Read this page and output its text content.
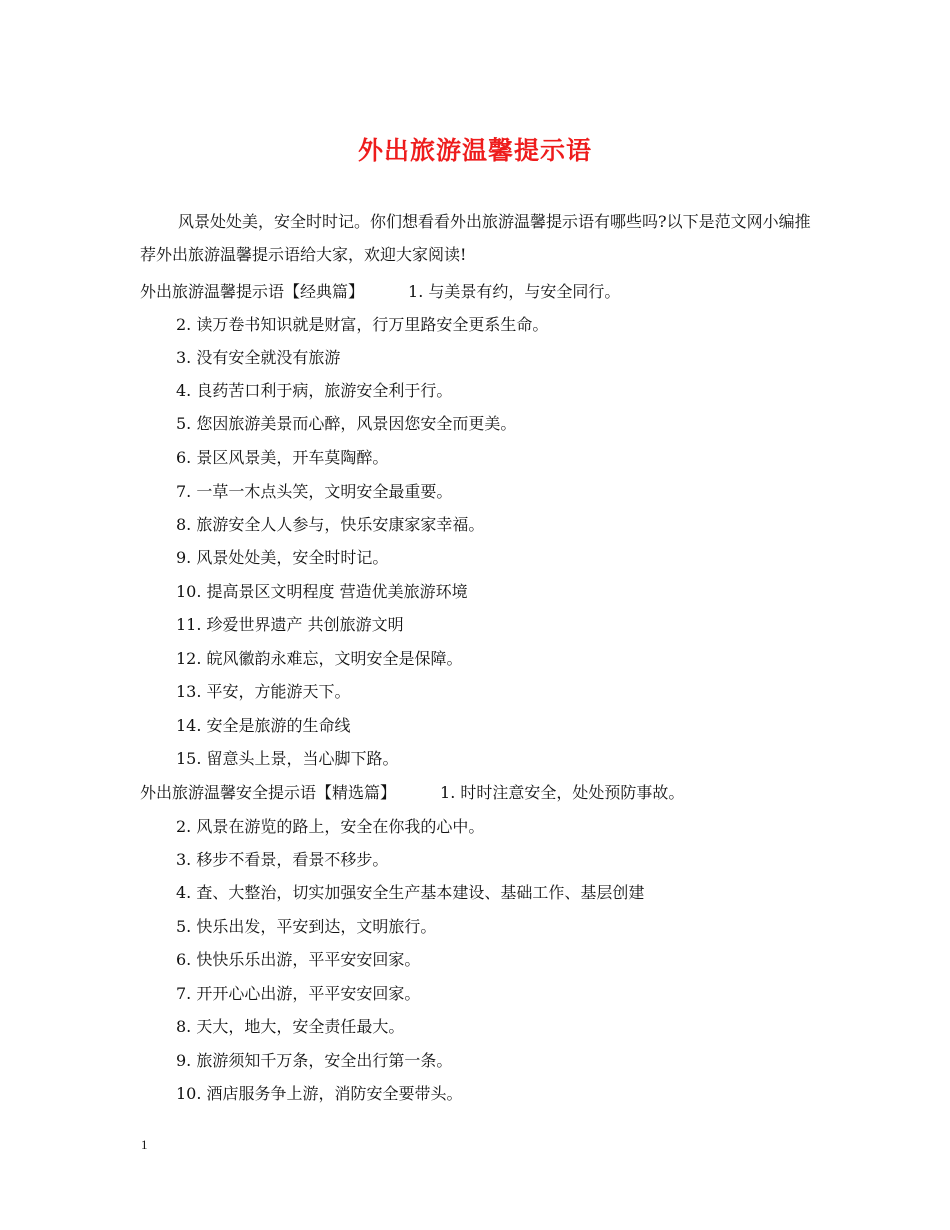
外出旅游温馨提示语
风景处处美，安全时时记。你们想看看外出旅游温馨提示语有哪些吗?以下是范文网小编推荐外出旅游温馨提示语给大家，欢迎大家阅读!
外出旅游温馨提示语【经典篇】	1. 与美景有约，与安全同行。
2. 读万卷书知识就是财富，行万里路安全更系生命。
3. 没有安全就没有旅游
4. 良药苦口利于病，旅游安全利于行。
5. 您因旅游美景而心醉，风景因您安全而更美。
6. 景区风景美，开车莫陶醉。
7. 一草一木点头笑，文明安全最重要。
8. 旅游安全人人参与，快乐安康家家幸福。
9. 风景处处美，安全时时记。
10. 提高景区文明程度 营造优美旅游环境
11. 珍爱世界遗产 共创旅游文明
12. 皖风徽韵永难忘，文明安全是保障。
13. 平安，方能游天下。
14. 安全是旅游的生命线
15. 留意头上景，当心脚下路。
外出旅游温馨安全提示语【精选篇】	1. 时时注意安全，处处预防事故。
2. 风景在游览的路上，安全在你我的心中。
3. 移步不看景，看景不移步。
4. 査、大整治，切实加强安全生产基本建设、基础工作、基层创建
5. 快乐出发，平安到达，文明旅行。
6. 快快乐乐出游，平平安安回家。
7. 开开心心出游，平平安安回家。
8. 天大，地大，安全责任最大。
9. 旅游须知千万条，安全出行第一条。
10. 酒店服务争上游，消防安全要带头。
1
